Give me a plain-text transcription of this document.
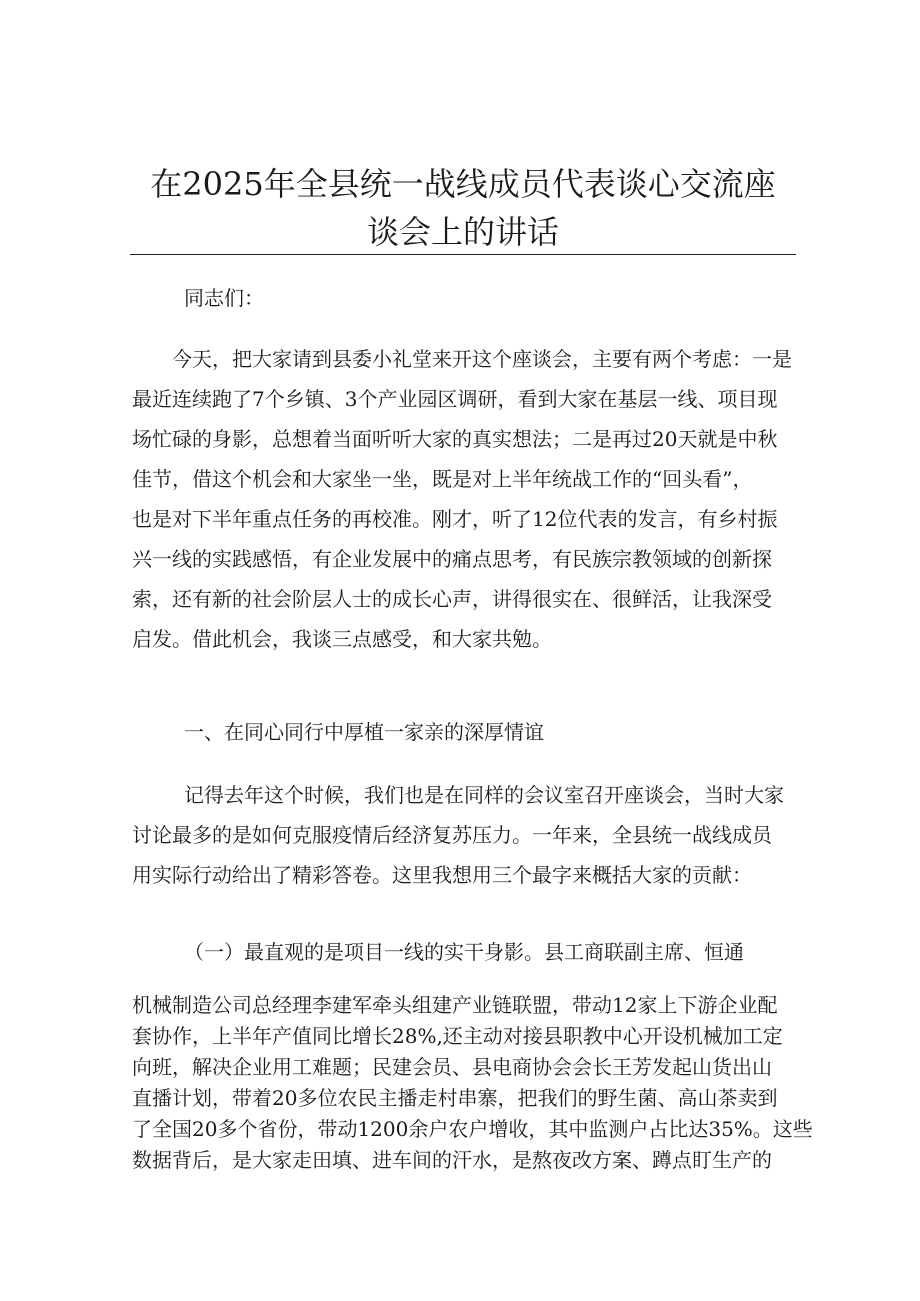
在2025年全县统一战线成员代表谈心交流座
谈会上的讲话

同志们：

今天，把大家请到县委小礼堂来开这个座谈会，主要有两个考虑：一是
最近连续跑了7个乡镇、3个产业园区调研，看到大家在基层一线、项目现
场忙碌的身影，总想着当面听听大家的真实想法；二是再过20天就是中秋
佳节，借这个机会和大家坐一坐，既是对上半年统战工作的“回头看”，
也是对下半年重点任务的再校准。刚才，听了12位代表的发言，有乡村振
兴一线的实践感悟，有企业发展中的痛点思考，有民族宗教领域的创新探
索，还有新的社会阶层人士的成长心声，讲得很实在、很鲜活，让我深受
启发。借此机会，我谈三点感受，和大家共勉。

一、在同心同行中厚植一家亲的深厚情谊

记得去年这个时候，我们也是在同样的会议室召开座谈会，当时大家
讨论最多的是如何克服疫情后经济复苏压力。一年来，全县统一战线成员
用实际行动给出了精彩答卷。这里我想用三个最字来概括大家的贡献：

（一）最直观的是项目一线的实干身影。县工商联副主席、恒通

机械制造公司总经理李建军牵头组建产业链联盟，带动12家上下游企业配
套协作，上半年产值同比增长28%,还主动对接县职教中心开设机械加工定
向班，解决企业用工难题；民建会员、县电商协会会长王芳发起山货出山
直播计划，带着20多位农民主播走村串寨，把我们的野生菌、高山茶卖到
了全国20多个省份，带动1200余户农户增收，其中监测户占比达35%。这些
数据背后，是大家走田填、进车间的汗水，是熬夜改方案、蹲点盯生产的
